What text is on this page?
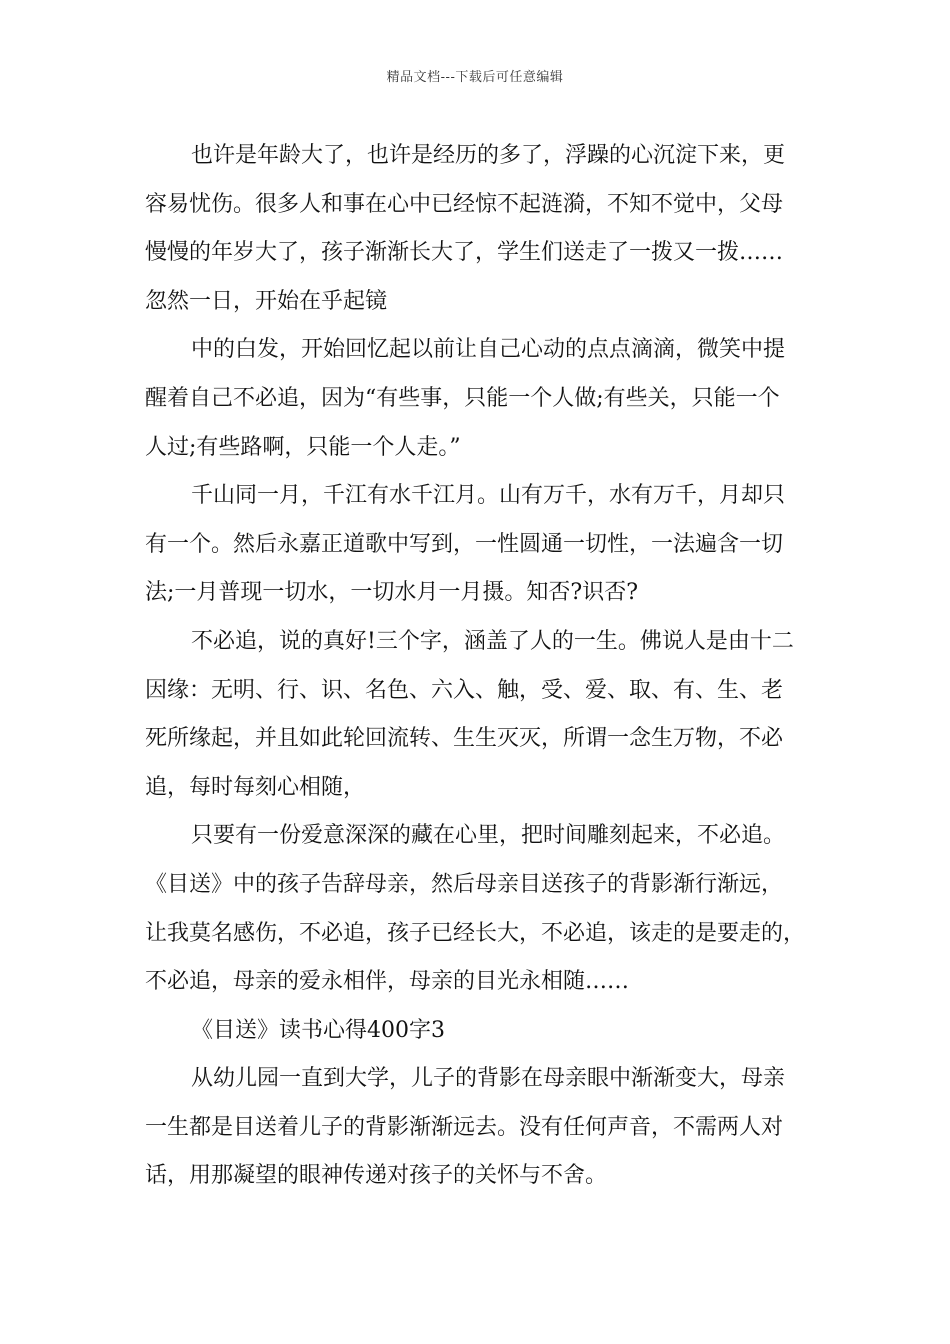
精品文档---下载后可任意编辑

也许是年龄大了，也许是经历的多了，浮躁的心沉淀下来，更
容易忧伤。很多人和事在心中已经惊不起涟漪，不知不觉中，父母
慢慢的年岁大了，孩子渐渐长大了，学生们送走了一拨又一拨……
忽然一日，开始在乎起镜

中的白发，开始回忆起以前让自己心动的点点滴滴，微笑中提
醒着自己不必追，因为“有些事，只能一个人做;有些关，只能一个
人过;有些路啊，只能一个人走。”

千山同一月，千江有水千江月。山有万千，水有万千，月却只
有一个。然后永嘉正道歌中写到，一性圆通一切性，一法遍含一切
法;一月普现一切水，一切水月一月摄。知否?识否?

不必追，说的真好!三个字，涵盖了人的一生。佛说人是由十二
因缘：无明、行、识、名色、六入、触，受、爱、取、有、生、老
死所缘起，并且如此轮回流转、生生灭灭，所谓一念生万物，不必
追，每时每刻心相随，

只要有一份爱意深深的藏在心里，把时间雕刻起来，不必追。
《目送》中的孩子告辞母亲，然后母亲目送孩子的背影渐行渐远，
让我莫名感伤，不必追，孩子已经长大，不必追，该走的是要走的，
不必追，母亲的爱永相伴，母亲的目光永相随……

《目送》读书心得400字3

从幼儿园一直到大学，儿子的背影在母亲眼中渐渐变大，母亲
一生都是目送着儿子的背影渐渐远去。没有任何声音，不需两人对
话，用那凝望的眼神传递对孩子的关怀与不舍。
